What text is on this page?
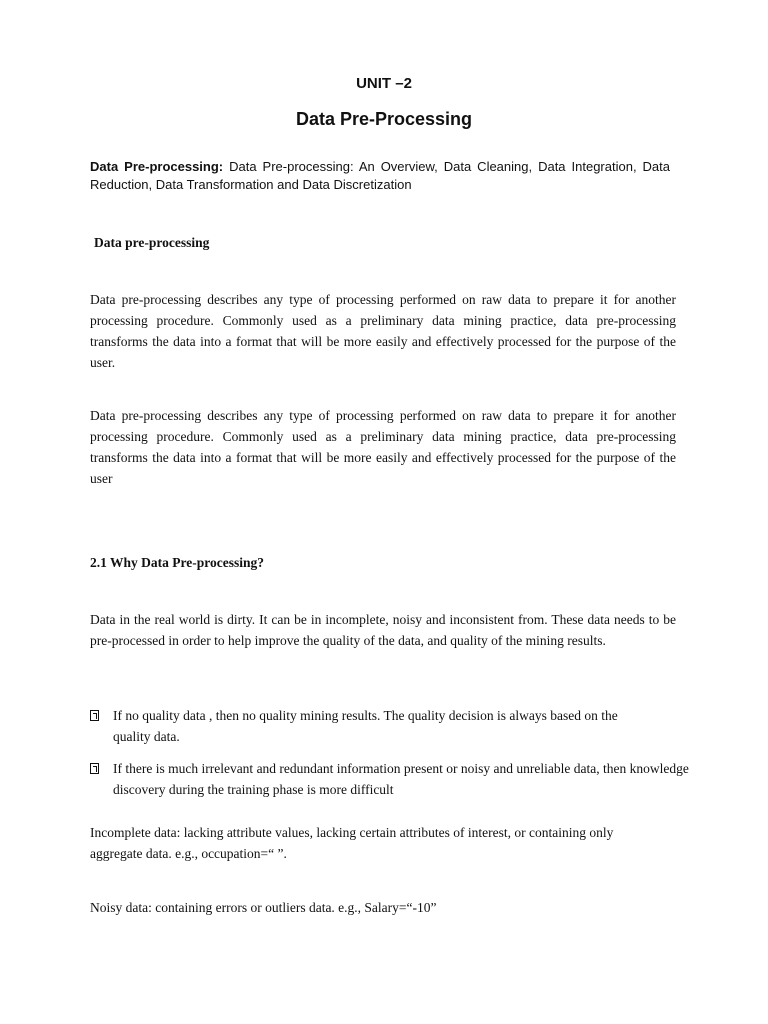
UNIT –2
Data Pre-Processing
Data Pre-processing: Data Pre-processing: An Overview, Data Cleaning, Data Integration, Data Reduction, Data Transformation and Data Discretization
Data pre-processing
Data pre-processing describes any type of processing performed on raw data to prepare it for another processing procedure. Commonly used as a preliminary data mining practice, data pre-processing transforms the data into a format that will be more easily and effectively processed for the purpose of the user.
Data pre-processing describes any type of processing performed on raw data to prepare it for another processing procedure. Commonly used as a preliminary data mining practice, data pre-processing transforms the data into a format that will be more easily and effectively processed for the purpose of the user
2.1 Why Data Pre-processing?
Data in the real world is dirty. It can be in incomplete, noisy and inconsistent from. These data needs to be pre-processed in order to help improve the quality of the data, and quality of the mining results.
If no quality data , then no quality mining results. The quality decision is always based on the quality data.
If there is much irrelevant and redundant information present or noisy and unreliable data, then knowledge discovery during the training phase is more difficult
Incomplete data: lacking attribute values, lacking certain attributes of interest, or containing only aggregate data. e.g., occupation=“ ”.
Noisy data: containing errors or outliers data. e.g., Salary=“-10”
